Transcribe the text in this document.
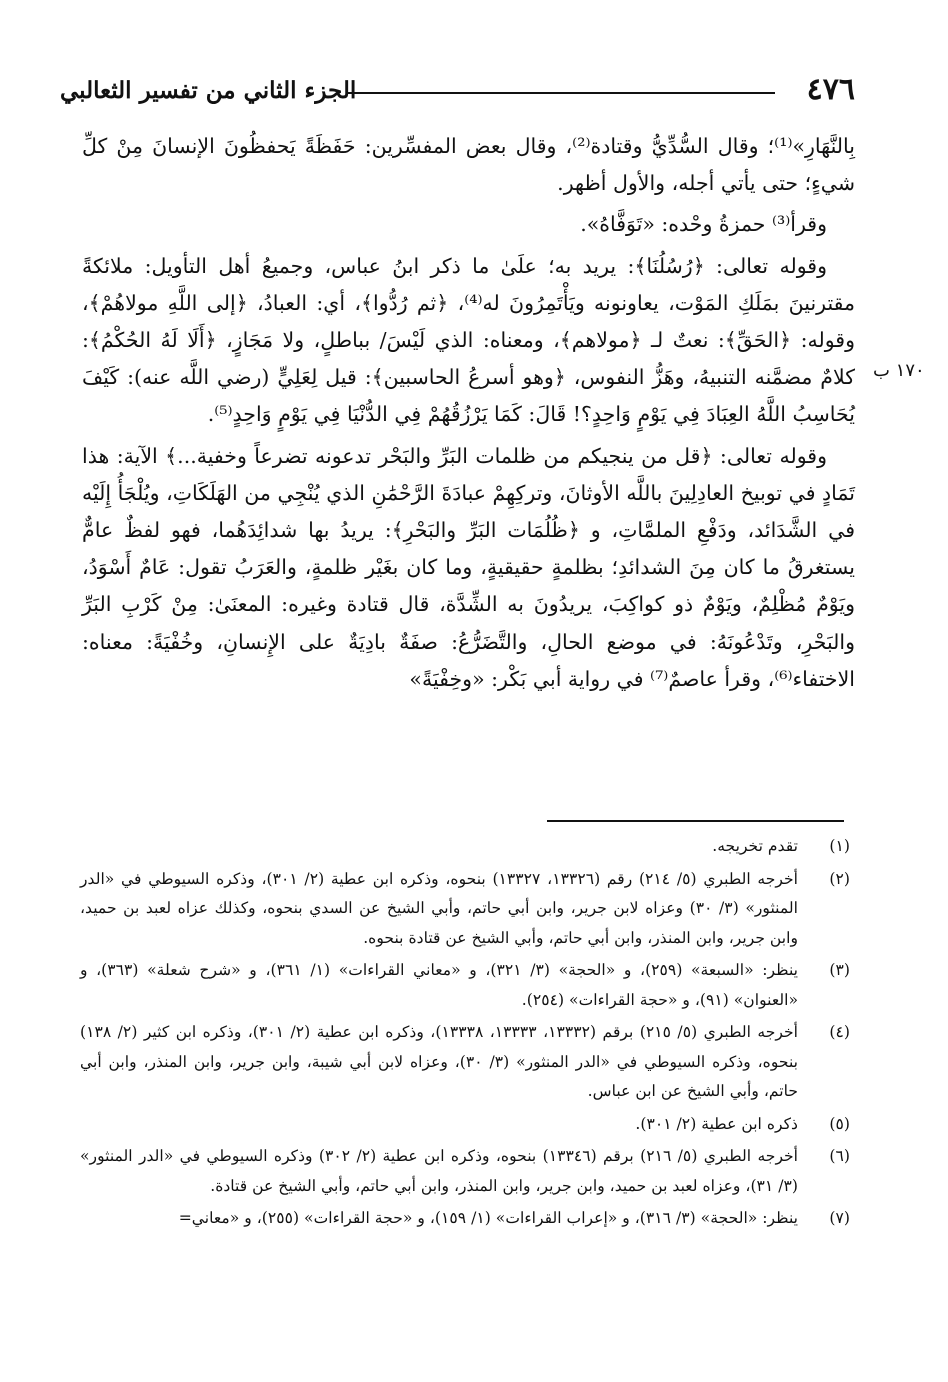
٤٧٦
الجزء الثاني من تفسير الثعالبي
١٧٠ ب

بِالنَّهَارِ»⁽¹⁾؛ وقال السُّدِّيُّ وقتادة⁽²⁾، وقال بعض المفسِّرين: حَفَظَةً يَحفظُونَ الإنسانَ مِنْ كلِّ شيءٍ؛ حتى يأتي أجله، والأول أظهر.

وقرأ⁽³⁾ حمزةُ وحْده: «تَوَفَّاهُ».

وقوله تعالى: ﴿رُسُلُنَا﴾: يريد به؛ علَىٰ ما ذكر ابنُ عباس، وجميعُ أهل التأويل: ملائكةً مقترنينَ بمَلَكِ المَوْت، يعاونونه ويَأْتَمِرُونَ له⁽⁴⁾، ﴿ثم رُدُّوا﴾، أي: العبادُ، ﴿إلى اللَّهِ مولاهُمْ﴾، وقوله: ﴿الحَقِّ﴾: نعتٌ لـ ﴿مولاهم﴾، ومعناه: الذي لَيْسَ/ بباطلٍ، ولا مَجَازٍ، ﴿أَلَا لَهُ الحُكْمُ﴾: كلامٌ مضمَّنه التنبيهُ، وهَزُّ النفوس، ﴿وهو أسرعُ الحاسبين﴾: قيل لِعَلِيٍّ (رضي اللَّه عنه): كَيْفَ يُحَاسِبُ اللَّهُ العِبَادَ فِي يَوْمٍ وَاحِدٍ؟! قَالَ: كَمَا يَرْزُقُهُمْ فِي الدُّنْيَا فِي يَوْمٍ وَاحِدٍ⁽⁵⁾.

وقوله تعالى: ﴿قل من ينجيكم من ظلمات البَرِّ والبَحْر تدعونه تضرعاً وخفية...﴾ الآية: هذا تَمَادٍ في توبيخ العادِلِينَ باللَّه الأوثانَ، وتركِهِمْ عبادَةَ الرَّحْمَٰنِ الذي يُنْجِي من الهَلَكَاتِ، ويُلْجَأُ إِلَيْه في الشَّدَائد، ودَفْعِ الملمَّاتِ، و ﴿ظُلُمَات البَرِّ والبَحْرِ﴾: يريدُ بها شدائِدَهُما، فهو لفظٌ عامٌّ يستغرقُ ما كان مِنَ الشدائدِ؛ بظلمةٍ حقيقيةٍ، وما كان بغَيْر ظلمةٍ، والعَرَبُ تقول: عَامٌ أَسْوَدُ، ويَوْمٌ مُظْلِمٌ، ويَوْمٌ ذو كواكِبَ، يريدُونَ به الشِّدَّة، قال قتادة وغيره: المعنَىٰ: مِنْ كَرْبِ البَرِّ والبَحْرِ، وتَدْعُونَهُ: في موضع الحالِ، والتَّضَرُّعُ: صفَةٌ بادِيَةٌ على الإِنسانِ، وخُفْيَةً: معناه: الاختفاء⁽⁶⁾، وقرأ عاصمٌ⁽⁷⁾ في رواية أبي بَكْر: «وخِفْيَةً»

(١)
تقدم تخريجه.
(٢)
أخرجه الطبري (٥/ ٢١٤) رقم (١٣٣٢٦، ١٣٣٢٧) بنحوه، وذكره ابن عطية (٢/ ٣٠١)، وذكره السيوطي في «الدر المنثور» (٣/ ٣٠) وعزاه لابن جرير، وابن أبي حاتم، وأبي الشيخ عن السدي بنحوه، وكذلك عزاه لعبد بن حميد، وابن جرير، وابن المنذر، وابن أبي حاتم، وأبي الشيخ عن قتادة بنحوه.
(٣)
ينظر: «السبعة» (٢٥٩)، و «الحجة» (٣/ ٣٢١)، و «معاني القراءات» (١/ ٣٦١)، و «شرح شعلة» (٣٦٣)، و «العنوان» (٩١)، و «حجة القراءات» (٢٥٤).
(٤)
أخرجه الطبري (٥/ ٢١٥) برقم (١٣٣٣٢، ١٣٣٣٣، ١٣٣٣٨)، وذكره ابن عطية (٢/ ٣٠١)، وذكره ابن كثير (٢/ ١٣٨) بنحوه، وذكره السيوطي في «الدر المنثور» (٣/ ٣٠)، وعزاه لابن أبي شيبة، وابن جرير، وابن المنذر، وابن أبي حاتم، وأبي الشيخ عن ابن عباس.
(٥)
ذكره ابن عطية (٢/ ٣٠١).
(٦)
أخرجه الطبري (٥/ ٢١٦) برقم (١٣٣٤٦) بنحوه، وذكره ابن عطية (٢/ ٣٠٢) وذكره السيوطي في «الدر المنثور» (٣/ ٣١)، وعزاه لعبد بن حميد، وابن جرير، وابن المنذر، وابن أبي حاتم، وأبي الشيخ عن قتادة.
(٧)
ينظر: «الحجة» (٣/ ٣١٦)، و «إعراب القراءات» (١/ ١٥٩)، و «حجة القراءات» (٢٥٥)، و «معاني=
